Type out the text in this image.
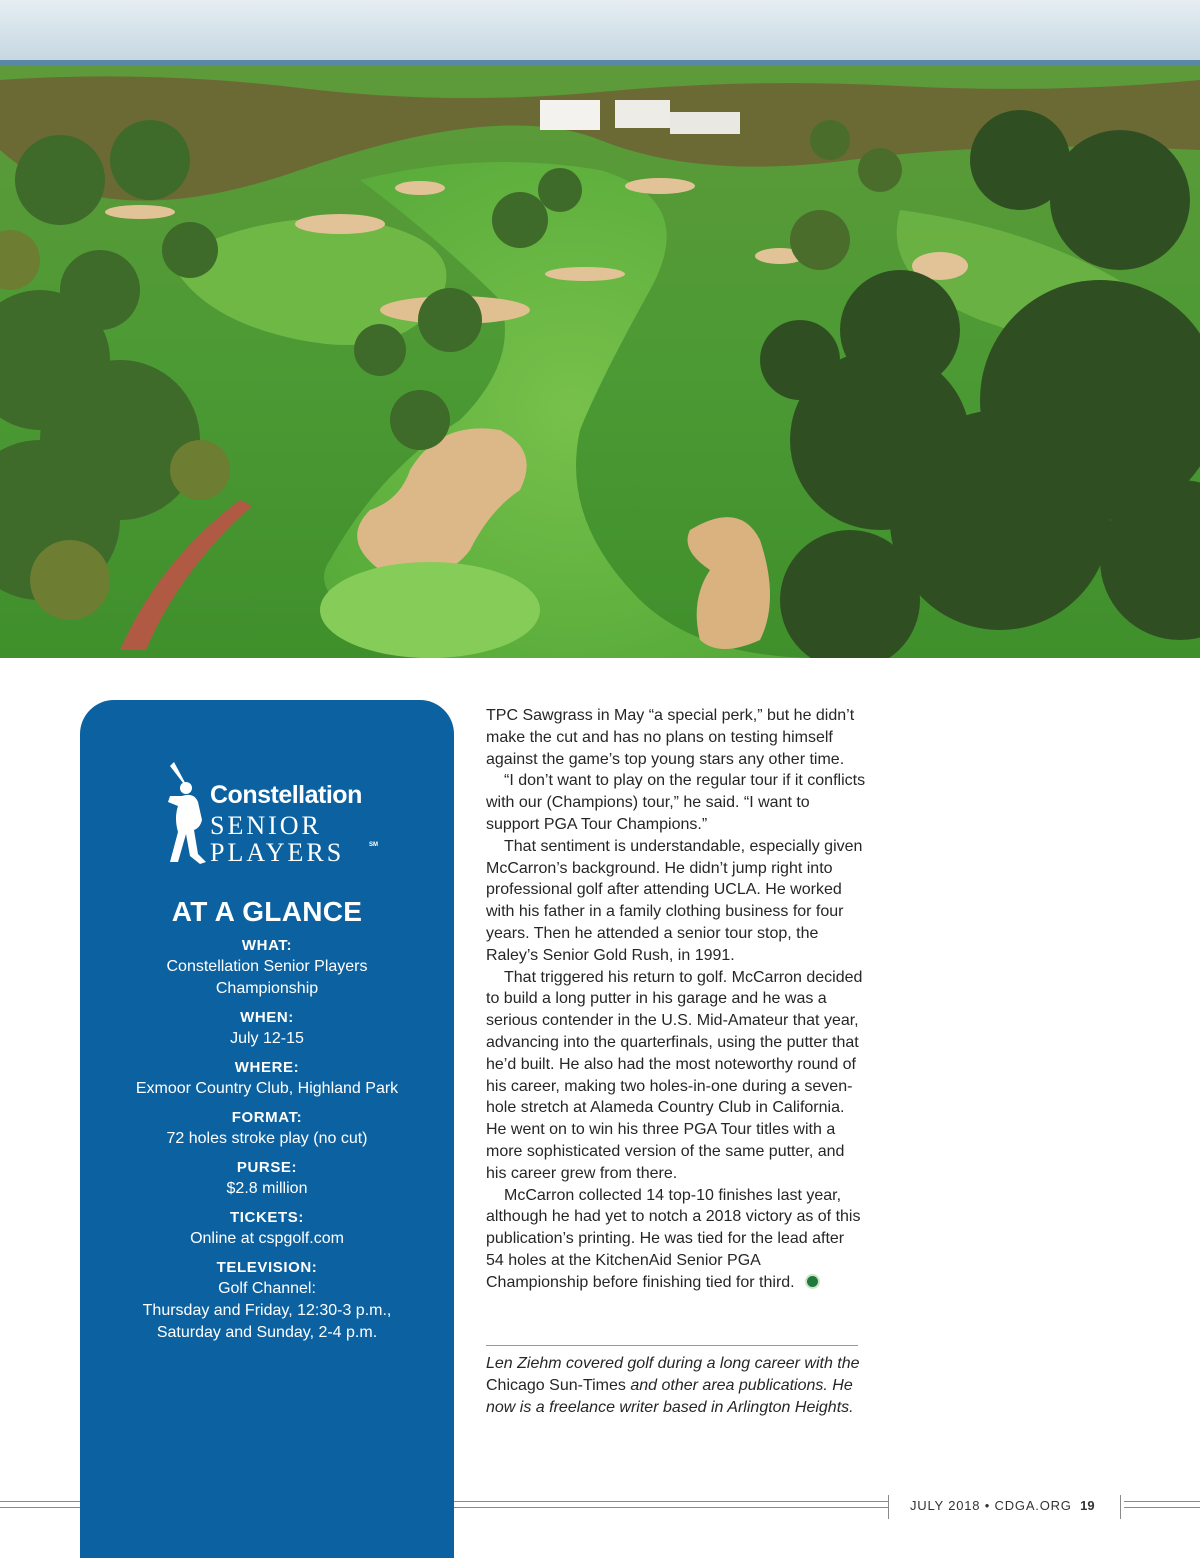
Constellation
SENIOR
PLAYERS	SM
AT A GLANCE
WHAT:
Constellation Senior Players
Championship
WHEN:
July 12-15
WHERE:
Exmoor Country Club, Highland Park
FORMAT:
72 holes stroke play (no cut)
PURSE:
$2.8 million
TICKETS:
Online at cspgolf.com
TELEVISION:
Golf Channel:
Thursday and Friday, 12:30-3 p.m.,
Saturday and Sunday, 2-4 p.m.

TPC Sawgrass in May “a special perk,” but he didn’t make the cut and has no plans on testing himself against the game’s top young stars any other time.

“I don’t want to play on the regular tour if it conflicts with our (Champions) tour,” he said. “I want to support PGA Tour Champions.”

That sentiment is understandable, especially given McCarron’s background. He didn’t jump right into professional golf after attending UCLA. He worked with his father in a family clothing business for four years. Then he attended a senior tour stop, the Raley’s Senior Gold Rush, in 1991.

That triggered his return to golf. McCarron decided to build a long putter in his garage and he was a serious contender in the U.S. Mid-Amateur that year, advancing into the quarterfinals, using the putter that he’d built. He also had the most noteworthy round of his career, making two holes-in-one during a seven-hole stretch at Alameda Country Club in California. He went on to win his three PGA Tour titles with a more sophisticated version of the same putter, and his career grew from there.

McCarron collected 14 top-10 finishes last year, although he had yet to notch a 2018 victory as of this publication’s printing. He was tied for the lead after 54 holes at the KitchenAid Senior PGA Championship before finishing tied for third.

Len Ziehm covered golf during a long career with the Chicago Sun-Times and other area publications. He now is a freelance writer based in Arlington Heights.
JULY 2018 • CDGA.ORG 19
